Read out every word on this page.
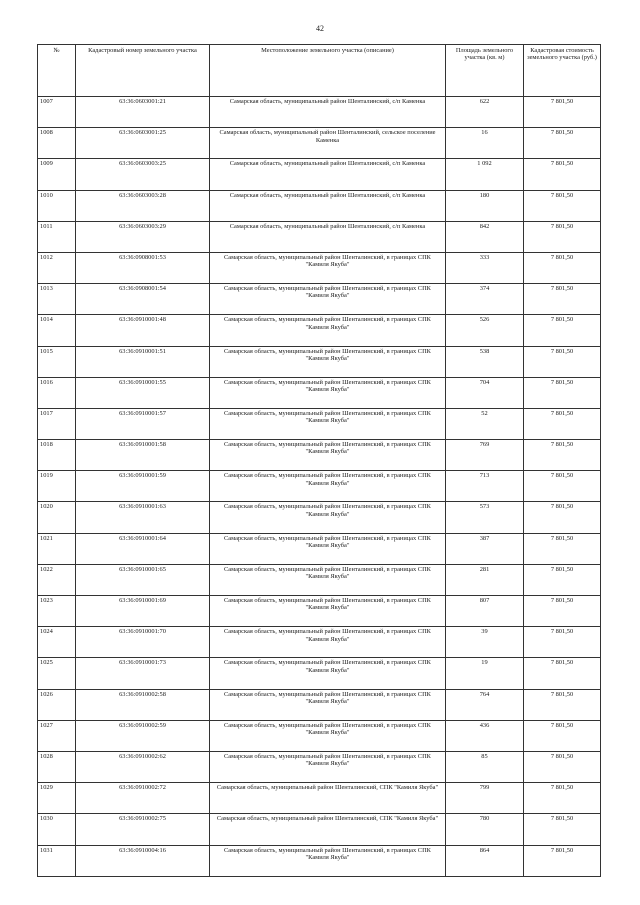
42
№	Кадастровый номер земельного участка	Местоположение земельного участка (описание)	Площадь земельного участка (кв. м)	Кадастровая стоимость земельного участка (руб.)
1007	63:36:0603001:21	Самарская область, муниципальный район Шенталинский, с/п Каменка	622	7 801,50
1008	63:36:0603001:25	Самарская область, муниципальный район Шенталинский, сельское поселение Каменка	16	7 801,50
1009	63:36:0603003:25	Самарская область, муниципальный район Шенталинский, с/п Каменка	1 092	7 801,50
1010	63:36:0603003:28	Самарская область, муниципальный район Шенталинский, с/п Каменка	180	7 801,50
1011	63:36:0603003:29	Самарская область, муниципальный район Шенталинский, с/п Каменка	842	7 801,50
1012	63:36:0908001:53	Самарская область, муниципальный район Шенталинский, в границах СПК "Камиля Якуба"	333	7 801,50
1013	63:36:0908001:54	Самарская область, муниципальный район Шенталинский, в границах СПК "Камиля Якуба"	374	7 801,50
1014	63:36:0910001:48	Самарская область, муниципальный район Шенталинский, в границах СПК "Камиля Якуба"	526	7 801,50
1015	63:36:0910001:51	Самарская область, муниципальный район Шенталинский, в границах СПК "Камиля Якуба"	538	7 801,50
1016	63:36:0910001:55	Самарская область, муниципальный район Шенталинский, в границах СПК "Камиля Якуба"	704	7 801,50
1017	63:36:0910001:57	Самарская область, муниципальный район Шенталинский, в границах СПК "Камиля Якуба"	52	7 801,50
1018	63:36:0910001:58	Самарская область, муниципальный район Шенталинский, в границах СПК "Камиля Якуба"	769	7 801,50
1019	63:36:0910001:59	Самарская область, муниципальный район Шенталинский, в границах СПК "Камиля Якуба"	713	7 801,50
1020	63:36:0910001:63	Самарская область, муниципальный район Шенталинский, в границах СПК "Камиля Якуба"	573	7 801,50
1021	63:36:0910001:64	Самарская область, муниципальный район Шенталинский, в границах СПК "Камиля Якуба"	387	7 801,50
1022	63:36:0910001:65	Самарская область, муниципальный район Шенталинский, в границах СПК "Камиля Якуба"	281	7 801,50
1023	63:36:0910001:69	Самарская область, муниципальный район Шенталинский, в границах СПК "Камиля Якуба"	807	7 801,50
1024	63:36:0910001:70	Самарская область, муниципальный район Шенталинский, в границах СПК "Камиля Якуба"	39	7 801,50
1025	63:36:0910001:73	Самарская область, муниципальный район Шенталинский, в границах СПК "Камиля Якуба"	19	7 801,50
1026	63:36:0910002:58	Самарская область, муниципальный район Шенталинский, в границах СПК "Камиля Якуба"	764	7 801,50
1027	63:36:0910002:59	Самарская область, муниципальный район Шенталинский, в границах СПК "Камиля Якуба"	436	7 801,50
1028	63:36:0910002:62	Самарская область, муниципальный район Шенталинский, в границах СПК "Камиля Якуба"	85	7 801,50
1029	63:36:0910002:72	Самарская область, муниципальный район Шенталинский, СПК "Камиля Якуба"	799	7 801,50
1030	63:36:0910002:75	Самарская область, муниципальный район Шенталинский, СПК "Камиля Якуба"	780	7 801,50
1031	63:36:0910004:16	Самарская область, муниципальный район Шенталинский, в границах СПК "Камиля Якуба"	864	7 801,50
